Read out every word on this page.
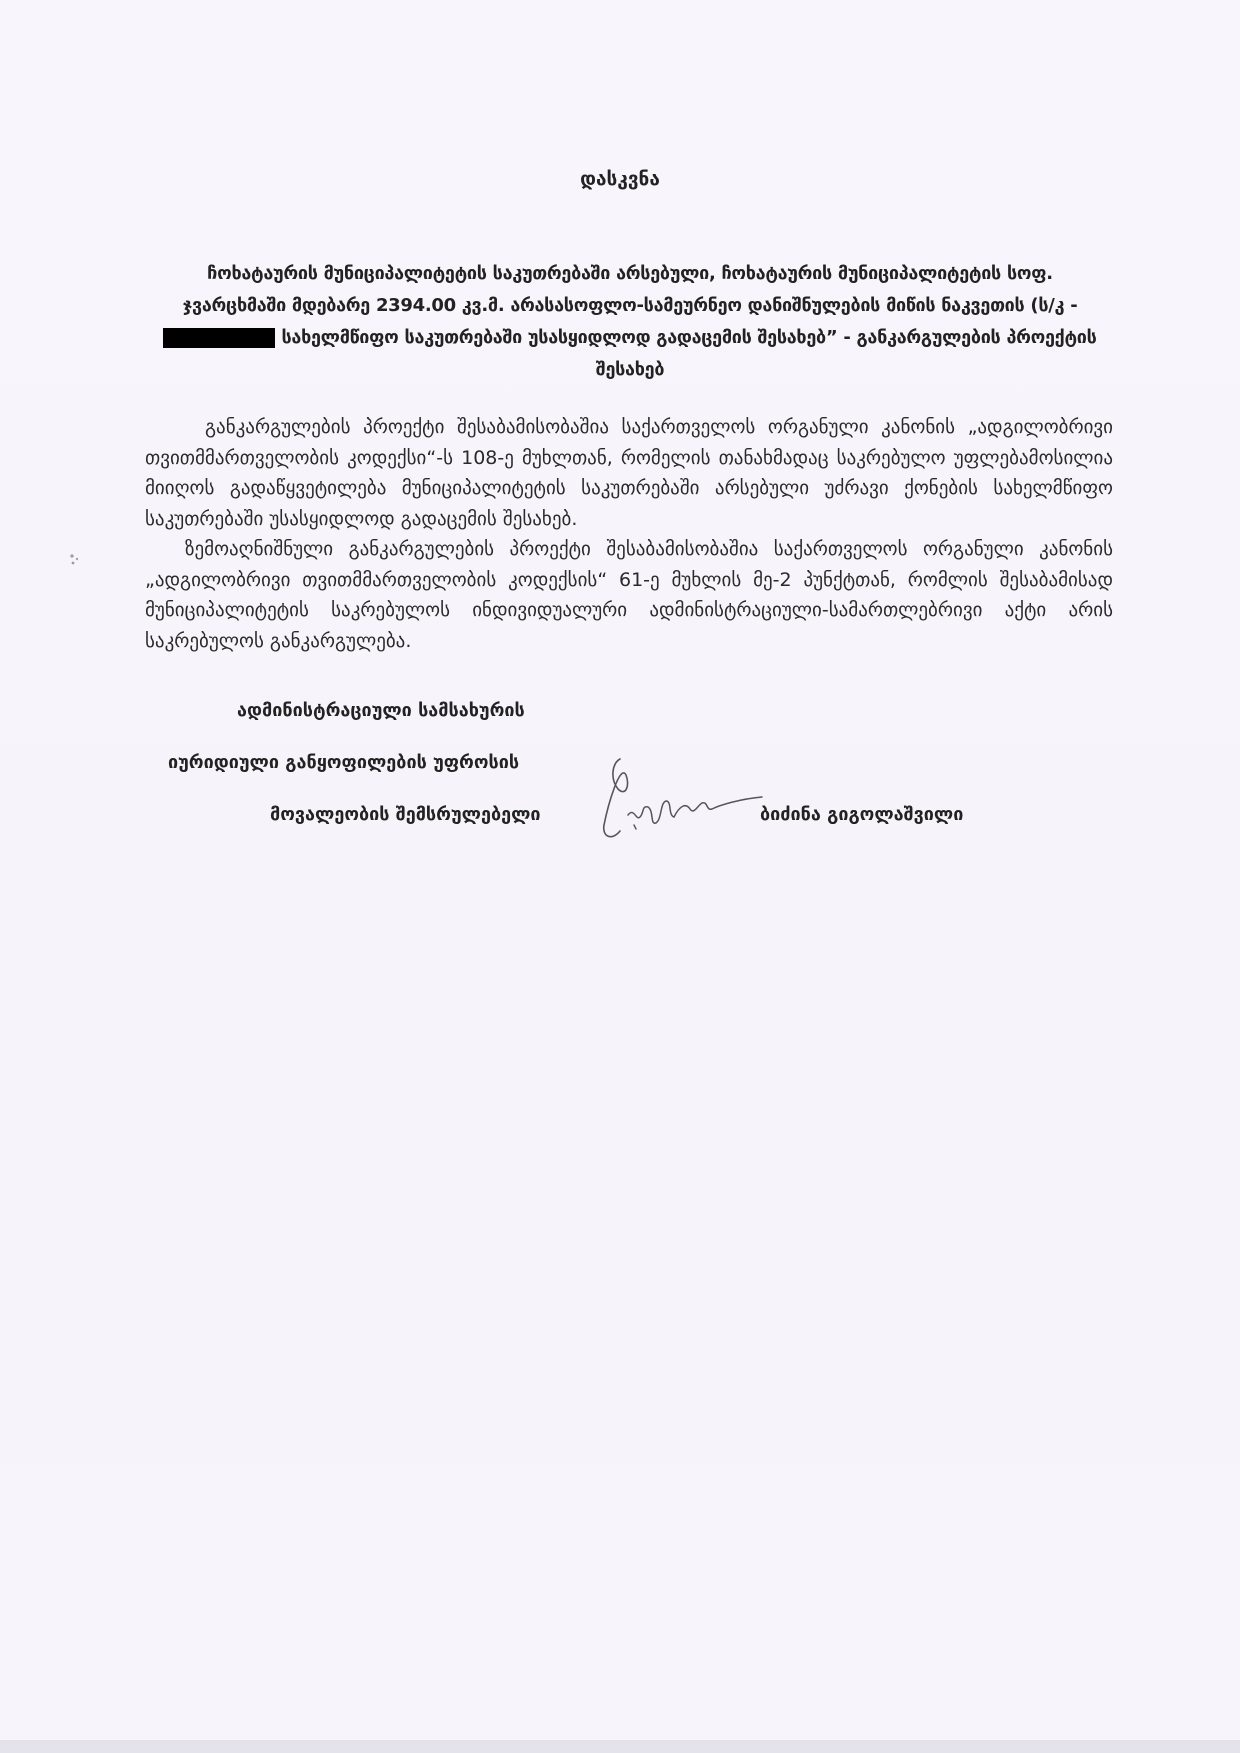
დასკვნა
ჩოხატაურის მუნიციპალიტეტის საკუთრებაში არსებული, ჩოხატაურის მუნიციპალიტეტის სოფ.
ჯვარცხმაში მდებარე 2394.00 კვ.მ. არასასოფლო-სამეურნეო დანიშნულების მიწის ნაკვეთის (ს/კ -
სახელმწიფო საკუთრებაში უსასყიდლოდ გადაცემის შესახებ” - განკარგულების პროექტის
შესახებ

განკარგულების პროექტი შესაბამისობაშია საქართველოს ორგანული კანონის „ადგილობრივი თვითმმართველობის კოდექსი“-ს 108-ე მუხლთან, რომელის თანახმადაც საკრებულო უფლებამოსილია მიიღოს გადაწყვეტილება მუნიციპალიტეტის საკუთრებაში არსებული უძრავი ქონების სახელმწიფო საკუთრებაში უსასყიდლოდ გადაცემის შესახებ.

ზემოაღნიშნული განკარგულების პროექტი შესაბამისობაშია საქართველოს ორგანული კანონის „ადგილობრივი თვითმმართველობის კოდექსის“ 61-ე მუხლის მე-2 პუნქტთან, რომლის შესაბამისად მუნიციპალიტეტის საკრებულოს ინდივიდუალური ადმინისტრაციული-სამართლებრივი აქტი არის საკრებულოს განკარგულება.

ადმინისტრაციული სამსახურის
იურიდიული განყოფილების უფროსის
მოვალეობის შემსრულებელი	ბიძინა გიგოლაშვილი
